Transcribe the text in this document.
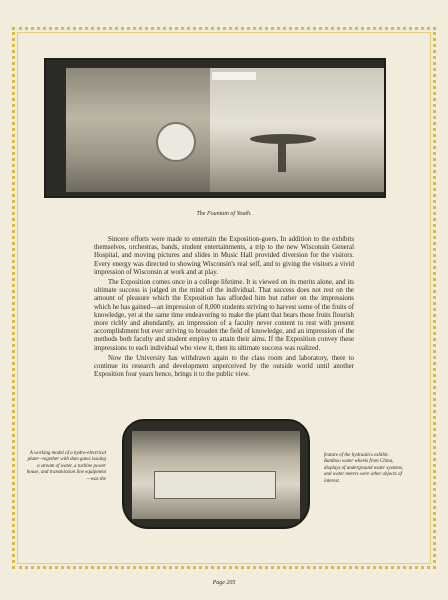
The Fountain of Youth.

Sincere efforts were made to entertain the Exposition-goers. In addition to the exhibits themselves, orchestras, bands, student entertainments, a trip to the new Wisconsin General Hospital, and moving pictures and slides in Music Hall provided diversion for the visitors. Every energy was directed to showing Wisconsin's real self, and to giving the visitors a vivid impression of Wisconsin at work and at play.

The Exposition comes once in a college lifetime. It is viewed on its merits alone, and its ultimate success is judged in the mind of the individual. That success does not rest on the amount of pleasure which the Exposition has afforded him but rather on the impressions which he has gained—an impression of 8,000 students striving to harvest some of the fruits of knowledge, yet at the same time endeavoring to make the plant that bears those fruits flourish more richly and abundantly, an impression of a faculty never content to rest with present accomplishment but ever striving to broaden the field of knowledge, and an impression of the methods both faculty and student employ to attain their aims. If the Exposition convey these impressions to each individual who view it, then its ultimate success was realized.

Now the University has withdrawn again to the class room and laboratory, there to continue its research and development unperceived by the outside world until another Exposition four years hence, brings it to the public view.

A working model of a hydro-electrical plant—together with dam gates issuing a stream of water, a turbine power house, and transmission line equipment—was the
feature of the hydraulics exhibit. Bamboo water wheels from China, displays of underground water systems, and water meters were other objects of interest.
Page 205
